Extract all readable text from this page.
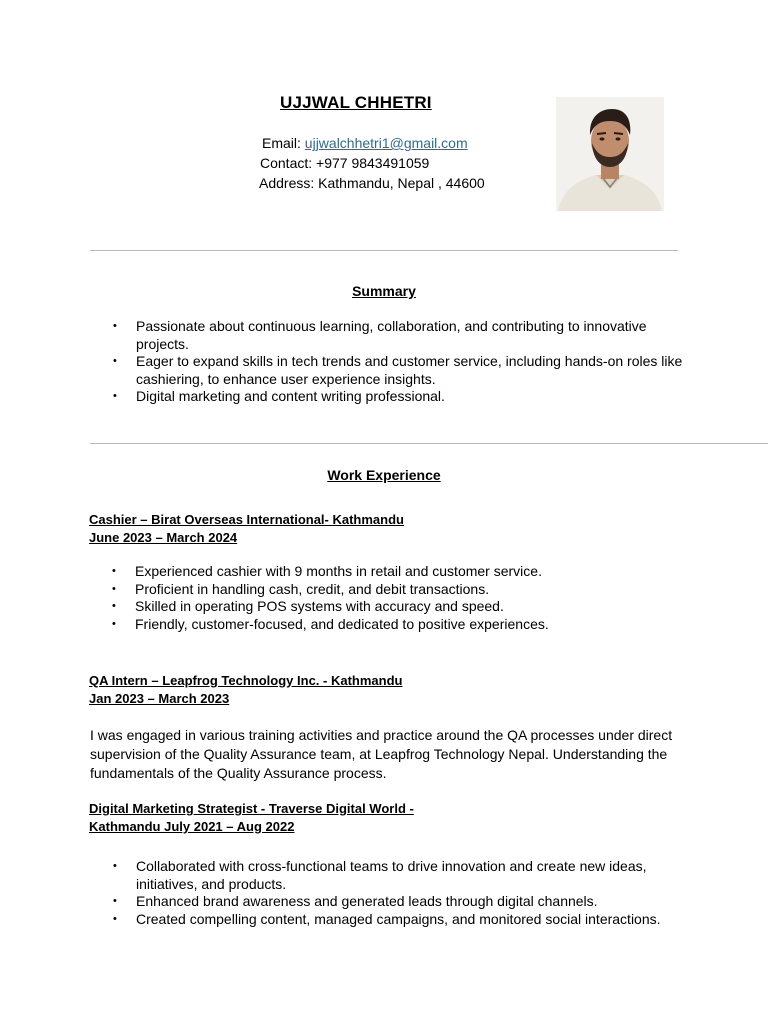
UJJWAL CHHETRI
Email: ujjwalchhetri1@gmail.com
Contact: +977 9843491059
Address: Kathmandu, Nepal , 44600
Summary
• Passionate about continuous learning, collaboration, and contributing to innovative projects.
• Eager to expand skills in tech trends and customer service, including hands-on roles like cashiering, to enhance user experience insights.
• Digital marketing and content writing professional.
Work Experience
Cashier – Birat Overseas International- Kathmandu
June 2023 – March 2024
• Experienced cashier with 9 months in retail and customer service.
• Proficient in handling cash, credit, and debit transactions.
• Skilled in operating POS systems with accuracy and speed.
• Friendly, customer-focused, and dedicated to positive experiences.
QA Intern – Leapfrog Technology Inc. - Kathmandu
Jan 2023 – March 2023
I was engaged in various training activities and practice around the QA processes under direct supervision of the Quality Assurance team, at Leapfrog Technology Nepal. Understanding the fundamentals of the Quality Assurance process.
Digital Marketing Strategist - Traverse Digital World -
Kathmandu July 2021 – Aug 2022
• Collaborated with cross-functional teams to drive innovation and create new ideas, initiatives, and products.
• Enhanced brand awareness and generated leads through digital channels.
• Created compelling content, managed campaigns, and monitored social interactions.
